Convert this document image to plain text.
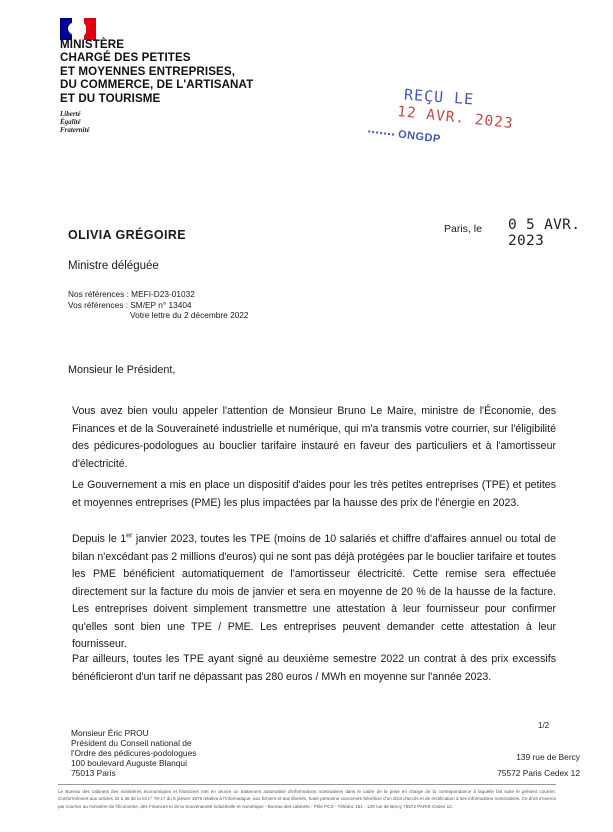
MINISTÈRE
CHARGÉ DES PETITES
ET MOYENNES ENTREPRISES,
DU COMMERCE, DE L'ARTISANAT
ET DU TOURISME
Liberté
Égalité
Fraternité
REÇU LE
12 AVR. 2023
ONGDP
OLIVIA GRÉGOIRE
Ministre déléguée
Paris, le 0 5 AVR. 2023
Nos références : MEFI-D23-01032
Vos références : SM/EP n° 13404
Votre lettre du 2 décembre 2022
Monsieur le Président,
Vous avez bien voulu appeler l'attention de Monsieur Bruno Le Maire, ministre de l'Économie, des Finances et de la Souveraineté industrielle et numérique, qui m'a transmis votre courrier, sur l'éligibilité des pédicures-podologues au bouclier tarifaire instauré en faveur des particuliers et à l'amortisseur d'électricité.
Le Gouvernement a mis en place un dispositif d'aides pour les très petites entreprises (TPE) et petites et moyennes entreprises (PME) les plus impactées par la hausse des prix de l'énergie en 2023.
Depuis le 1er janvier 2023, toutes les TPE (moins de 10 salariés et chiffre d'affaires annuel ou total de bilan n'excédant pas 2 millions d'euros) qui ne sont pas déjà protégées par le bouclier tarifaire et toutes les PME bénéficient automatiquement de l'amortisseur électricité. Cette remise sera effectuée directement sur la facture du mois de janvier et sera en moyenne de 20 % de la hausse de la facture. Les entreprises doivent simplement transmettre une attestation à leur fournisseur pour confirmer qu'elles sont bien une TPE / PME. Les entreprises peuvent demander cette attestation à leur fournisseur.
Par ailleurs, toutes les TPE ayant signé au deuxième semestre 2022 un contrat à des prix excessifs bénéficieront d'un tarif ne dépassant pas 280 euros / MWh en moyenne sur l'année 2023.
1/2
Monsieur Éric PROU
Président du Conseil national de
l'Ordre des pédicures-podologues
100 boulevard Auguste Blanqui
75013 Paris
139 rue de Bercy
75572 Paris Cedex 12
Le Bureau des cabinets des ministères économiques et financiers met en œuvre un traitement automatisé d'informations nominatives dans le cadre de la prise en charge de la correspondance à laquelle fait suite le présent courrier. Conformément aux articles 34 à 36 de la loi n° 78-17 du 6 janvier 1978 relative à l'informatique, aux fichiers et aux libertés, toute personne concernée bénéficie d'un droit d'accès et de rectification à ses informations nominatives. Ce droit s'exerce par courrier au ministère de l'Économie, des Finances et de la Souveraineté industrielle et numérique - Bureau des cabinets - Pôle PCS - Télédoc 151 - 139 rue de Bercy 75572 PARIS Cedex 12.
